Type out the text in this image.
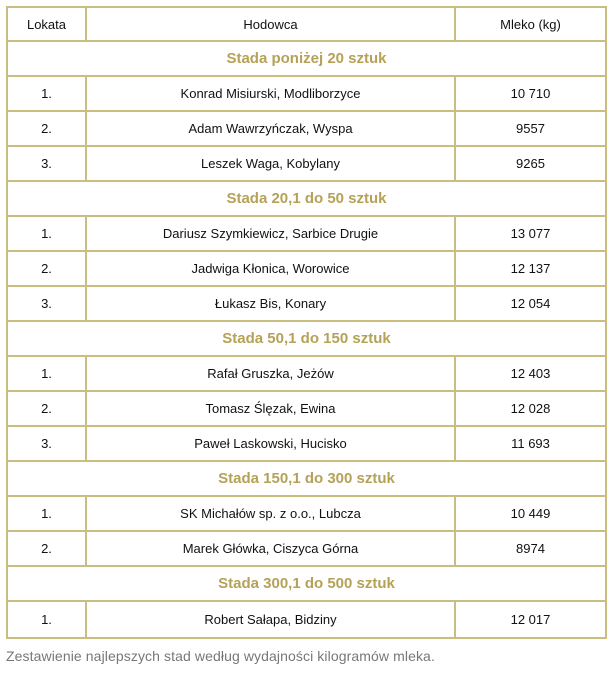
Lokata	Hodowca	Mleko (kg)
Stada poniżej 20 sztuk
1.	Konrad Misiurski, Modliborzyce	10 710
2.	Adam Wawrzyńczak, Wyspa	9557
3.	Leszek Waga, Kobylany	9265
Stada 20,1 do 50 sztuk
1.	Dariusz Szymkiewicz, Sarbice Drugie	13 077
2.	Jadwiga Kłonica, Worowice	12 137
3.	Łukasz Bis, Konary	12 054
Stada 50,1 do 150 sztuk
1.	Rafał Gruszka, Jeżów	12 403
2.	Tomasz Ślęzak, Ewina	12 028
3.	Paweł Laskowski, Hucisko	11 693
Stada 150,1 do 300 sztuk
1.	SK Michałów sp. z o.o., Lubcza	10 449
2.	Marek Główka, Ciszyca Górna	8974
Stada 300,1 do 500 sztuk
1.	Robert Sałapa, Bidziny	12 017
Zestawienie najlepszych stad według wydajności kilogramów mleka.
